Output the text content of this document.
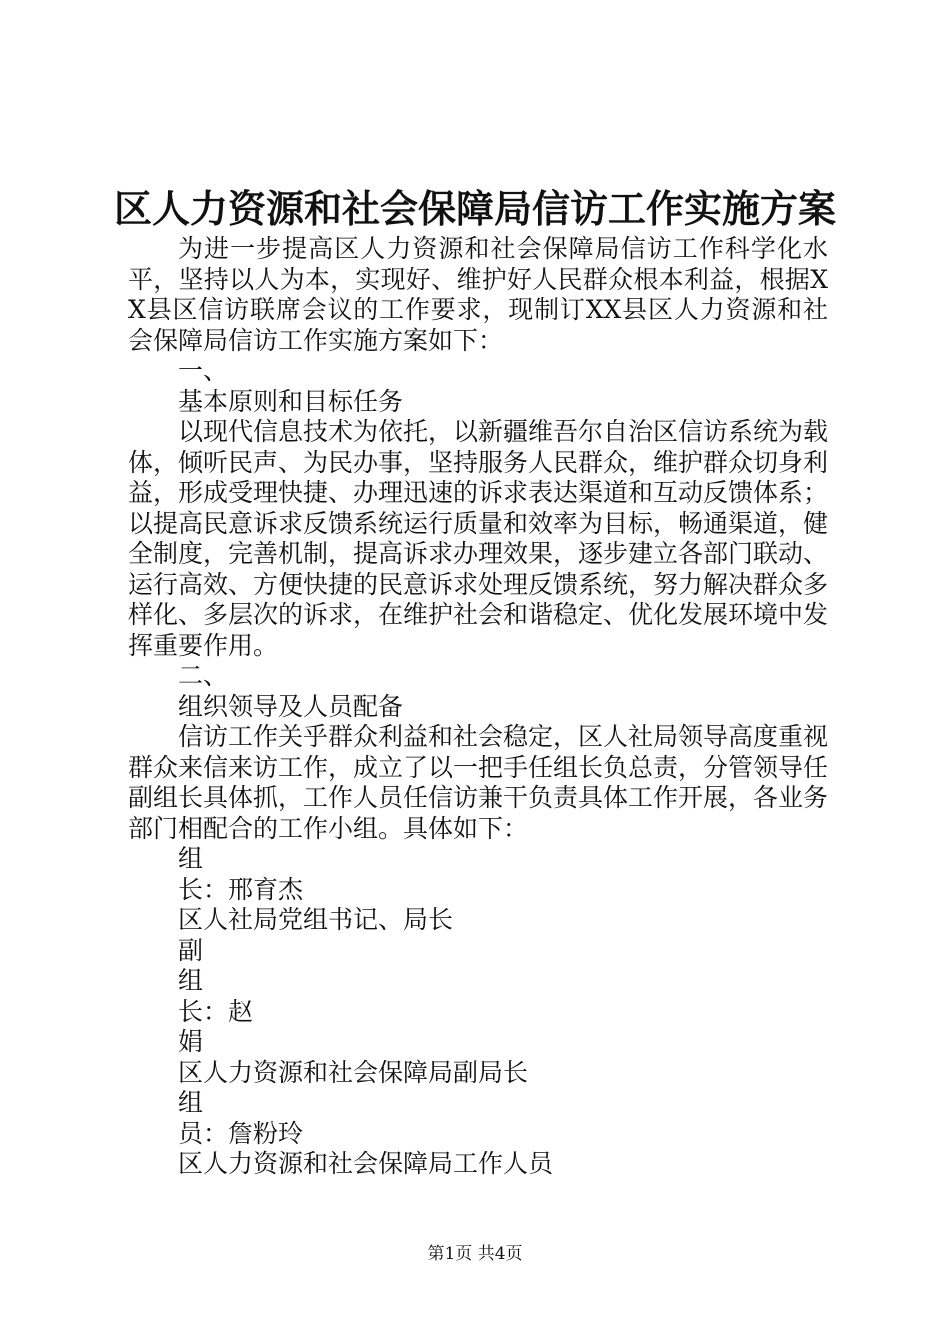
区人力资源和社会保障局信访工作实施方案

为进一步提高区人力资源和社会保障局信访工作科学化水平，坚持以人为本，实现好、维护好人民群众根本利益，根据XX县区信访联席会议的工作要求，现制订XX县区人力资源和社会保障局信访工作实施方案如下：

一、

基本原则和目标任务

以现代信息技术为依托，以新疆维吾尔自治区信访系统为载体，倾听民声、为民办事，坚持服务人民群众，维护群众切身利益，形成受理快捷、办理迅速的诉求表达渠道和互动反馈体系；以提高民意诉求反馈系统运行质量和效率为目标，畅通渠道，健全制度，完善机制，提高诉求办理效果，逐步建立各部门联动、运行高效、方便快捷的民意诉求处理反馈系统，努力解决群众多样化、多层次的诉求，在维护社会和谐稳定、优化发展环境中发挥重要作用。

二、

组织领导及人员配备

信访工作关乎群众利益和社会稳定，区人社局领导高度重视群众来信来访工作，成立了以一把手任组长负总责，分管领导任副组长具体抓，工作人员任信访兼干负责具体工作开展，各业务部门相配合的工作小组。具体如下：

组

长：邢育杰

区人社局党组书记、局长

副

组

长：赵

娟

区人力资源和社会保障局副局长

组

员：詹粉玲

区人力资源和社会保障局工作人员

第1页 共4页
